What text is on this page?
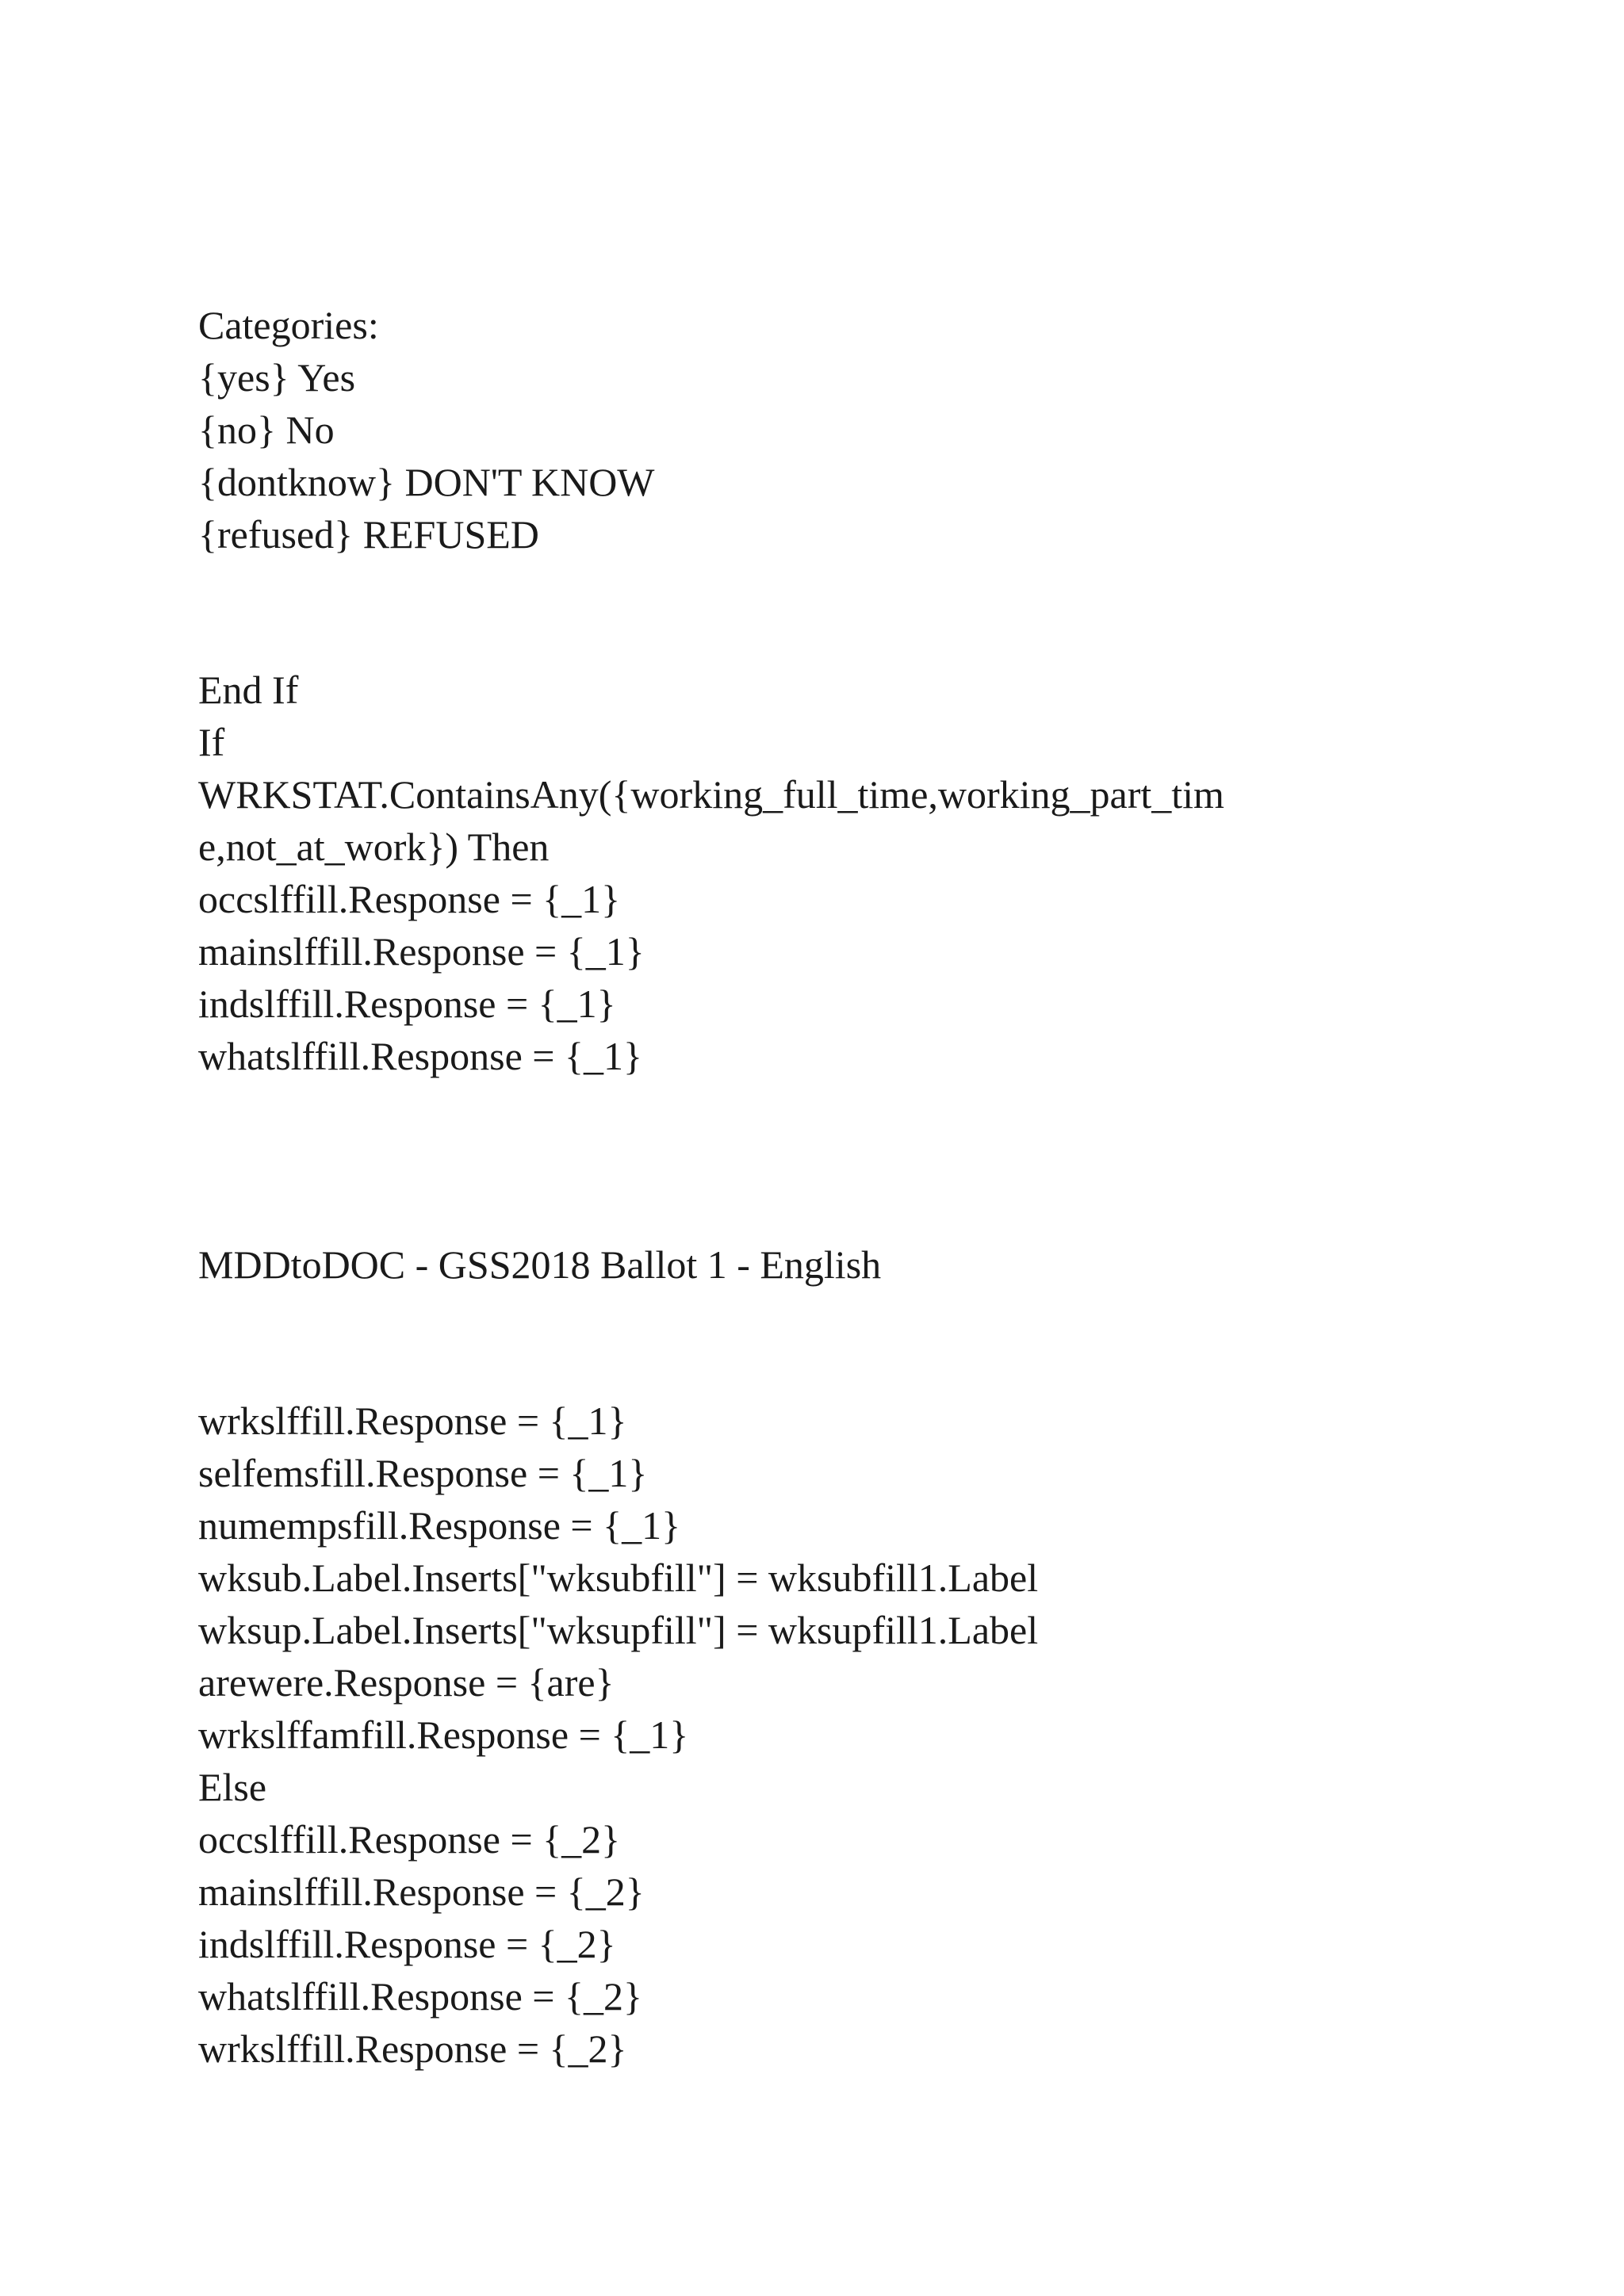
Categories:

{yes} Yes

{no} No

{dontknow} DON'T KNOW

{refused} REFUSED

End If

If

WRKSTAT.ContainsAny({working_full_time,working_part_tim

e,not_at_work}) Then

occslffill.Response = {_1}

mainslffill.Response = {_1}

indslffill.Response = {_1}

whatslffill.Response = {_1}

MDDtoDOC - GSS2018 Ballot 1 - English

wrkslffill.Response = {_1}

selfemsfill.Response = {_1}

numempsfill.Response = {_1}

wksub.Label.Inserts["wksubfill"] = wksubfill1.Label

wksup.Label.Inserts["wksupfill"] = wksupfill1.Label

arewere.Response = {are}

wrkslffamfill.Response = {_1}

Else

occslffill.Response = {_2}

mainslffill.Response = {_2}

indslffill.Response = {_2}

whatslffill.Response = {_2}

wrkslffill.Response = {_2}
